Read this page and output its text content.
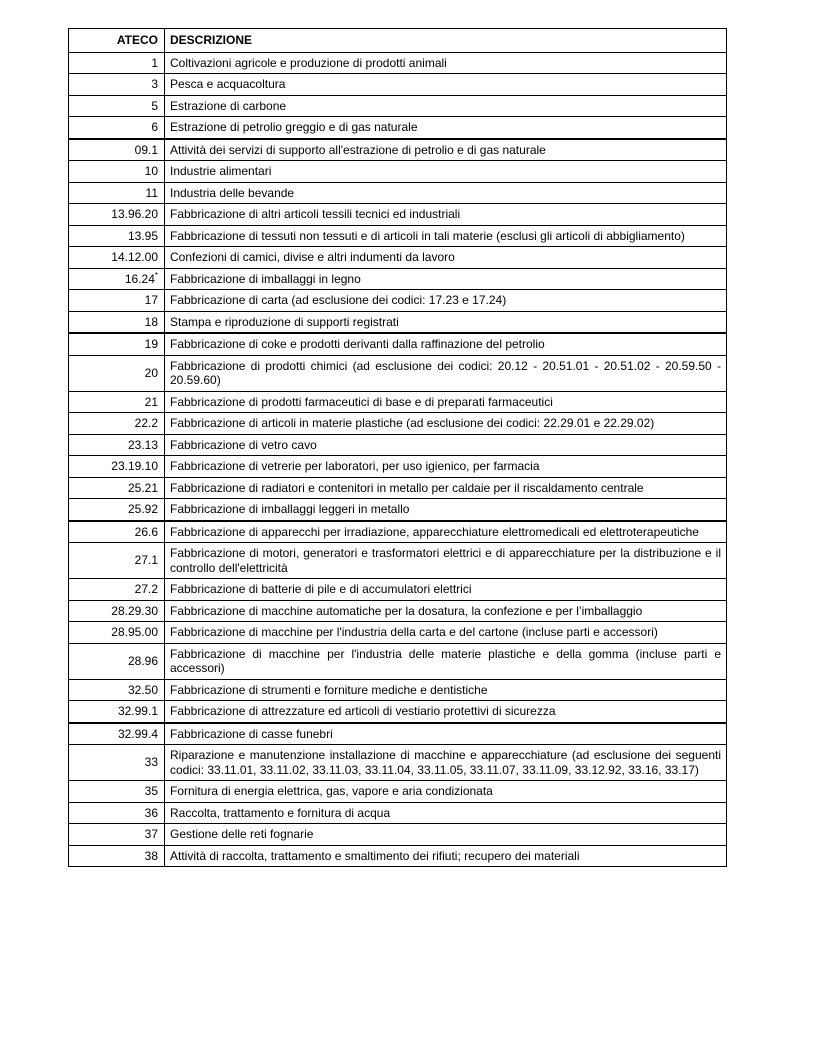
ATECO	DESCRIZIONE
1	Coltivazioni agricole e produzione di prodotti animali
3	Pesca e acquacoltura
5	Estrazione di carbone
6	Estrazione di petrolio greggio e di gas naturale
09.1	Attività dei servizi di supporto all'estrazione di petrolio e di gas naturale
10	Industrie alimentari
11	Industria delle bevande
13.96.20	Fabbricazione di altri articoli tessili tecnici ed industriali
13.95	Fabbricazione di tessuti non tessuti e di articoli in tali materie (esclusi gli articoli di abbigliamento)
14.12.00	Confezioni di camici, divise e altri indumenti da lavoro
16.24*	Fabbricazione di imballaggi in legno
17	Fabbricazione di carta (ad esclusione dei codici: 17.23 e 17.24)
18	Stampa e riproduzione di supporti registrati
19	Fabbricazione di coke e prodotti derivanti dalla raffinazione del petrolio
20	Fabbricazione di prodotti chimici (ad esclusione dei codici: 20.12 - 20.51.01 - 20.51.02 - 20.59.50 - 20.59.60)
21	Fabbricazione di prodotti farmaceutici di base e di preparati farmaceutici
22.2	Fabbricazione di articoli in materie plastiche (ad esclusione dei codici: 22.29.01 e 22.29.02)
23.13	Fabbricazione di vetro cavo
23.19.10	Fabbricazione di vetrerie per laboratori, per uso igienico, per farmacia
25.21	Fabbricazione di radiatori e contenitori in metallo per caldaie per il riscaldamento centrale
25.92	Fabbricazione di imballaggi leggeri in metallo
26.6	Fabbricazione di apparecchi per irradiazione, apparecchiature elettromedicali ed elettroterapeutiche
27.1	Fabbricazione di motori, generatori e trasformatori elettrici e di apparecchiature per la distribuzione e il controllo dell'elettricità
27.2	Fabbricazione di batterie di pile e di accumulatori elettrici
28.29.30	Fabbricazione di macchine automatiche per la dosatura, la confezione e per l’imballaggio
28.95.00	Fabbricazione di macchine per l'industria della carta e del cartone (incluse parti e accessori)
28.96	Fabbricazione di macchine per l'industria delle materie plastiche e della gomma (incluse parti e accessori)
32.50	Fabbricazione di strumenti e forniture mediche e dentistiche
32.99.1	Fabbricazione di attrezzature ed articoli di vestiario protettivi di sicurezza
32.99.4	Fabbricazione di casse funebri
33	Riparazione e manutenzione installazione di macchine e apparecchiature (ad esclusione dei seguenti codici: 33.11.01, 33.11.02, 33.11.03, 33.11.04, 33.11.05, 33.11.07, 33.11.09, 33.12.92, 33.16, 33.17)
35	Fornitura di energia elettrica, gas, vapore e aria condizionata
36	Raccolta, trattamento e fornitura di acqua
37	Gestione delle reti fognarie
38	Attività di raccolta, trattamento e smaltimento dei rifiuti; recupero dei materiali
